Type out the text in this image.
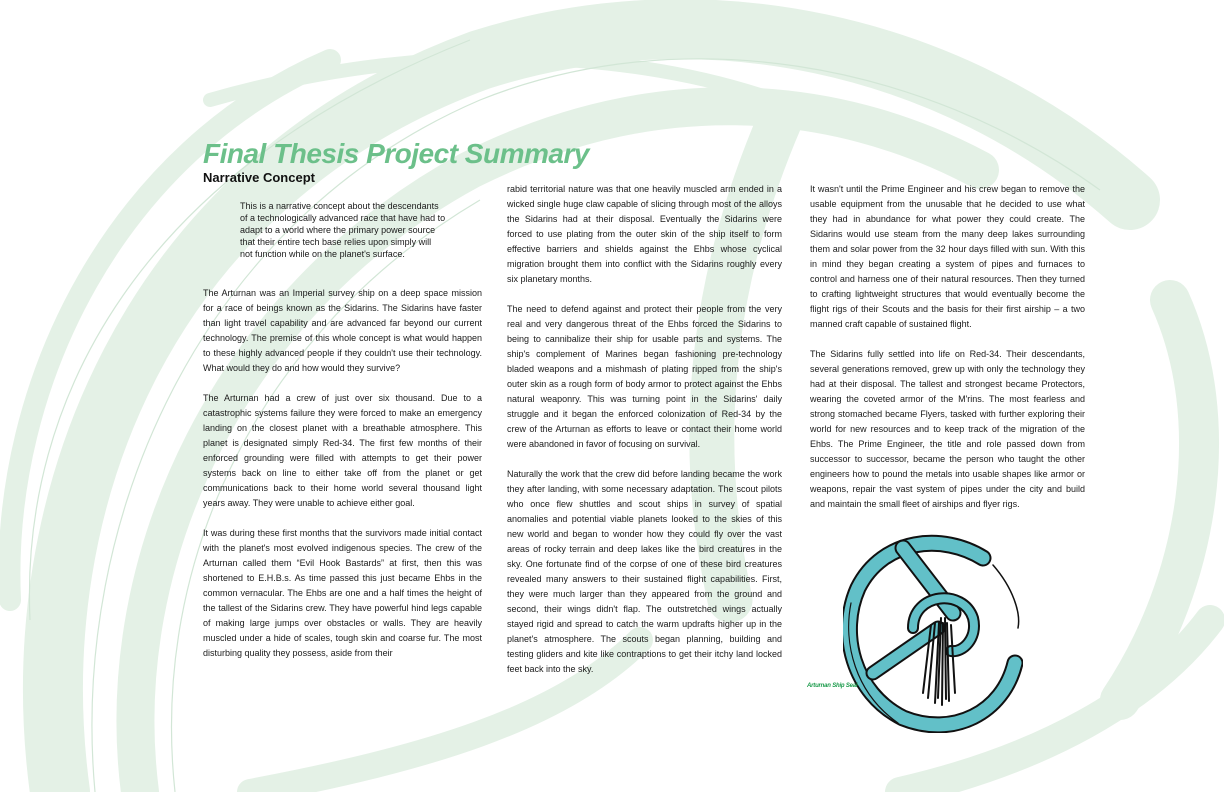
Final Thesis Project Summary
Narrative Concept
This is a narrative concept about the descendants of a technologically advanced race that have had to adapt to a world where the primary power source that their entire tech base relies upon simply will not function while on the planet's surface.

The Arturnan was an Imperial survey ship on a deep space mission for a race of beings known as the Sidarins. The Sidarins have faster than light travel capability and are advanced far beyond our current technology. The premise of this whole concept is what would happen to these highly advanced people if they couldn't use their technology. What would they do and how would they survive?

The Arturnan had a crew of just over six thousand. Due to a catastrophic systems failure they were forced to make an emergency landing on the closest planet with a breathable atmosphere. This planet is designated simply Red-34. The first few months of their enforced grounding were filled with attempts to get their power systems back on line to either take off from the planet or get communications back to their home world several thousand light years away. They were unable to achieve either goal.

It was during these first months that the survivors made initial contact with the planet's most evolved indigenous species. The crew of the Arturnan called them “Evil Hook Bastards” at first, then this was shortened to E.H.B.s. As time passed this just became Ehbs in the common vernacular. The Ehbs are one and a half times the height of the tallest of the Sidarins crew. They have powerful hind legs capable of making large jumps over obstacles or walls. They are heavily muscled under a hide of scales, tough skin and coarse fur. The most disturbing quality they possess, aside from their

rabid territorial nature was that one heavily muscled arm ended in a wicked single huge claw capable of slicing through most of the alloys the Sidarins had at their disposal. Eventually the Sidarins were forced to use plating from the outer skin of the ship itself to form effective barriers and shields against the Ehbs whose cyclical migration brought them into conflict with the Sidarins roughly every six planetary months.

The need to defend against and protect their people from the very real and very dangerous threat of the Ehbs forced the Sidarins to being to cannibalize their ship for usable parts and systems. The ship's complement of Marines began fashioning pre-technology bladed weapons and a mishmash of plating ripped from the ship's outer skin as a rough form of body armor to protect against the Ehbs natural weaponry. This was turning point in the Sidarins' daily struggle and it began the enforced colonization of Red-34 by the crew of the Arturnan as efforts to leave or contact their home world were abandoned in favor of focusing on survival.

Naturally the work that the crew did before landing became the work they after landing, with some necessary adaptation. The scout pilots who once flew shuttles and scout ships in survey of spatial anomalies and potential viable planets looked to the skies of this new world and began to wonder how they could fly over the vast areas of rocky terrain and deep lakes like the bird creatures in the sky. One fortunate find of the corpse of one of these bird creatures revealed many answers to their sustained flight capabilities. First, they were much larger than they appeared from the ground and second, their wings didn't flap. The outstretched wings actually stayed rigid and spread to catch the warm updrafts higher up in the planet's atmosphere. The scouts began planning, building and testing gliders and kite like contraptions to get their itchy land locked feet back into the sky.

It wasn't until the Prime Engineer and his crew began to remove the usable equipment from the unusable that he decided to use what they had in abundance for what power they could create. The Sidarins would use steam from the many deep lakes surrounding them and solar power from the 32 hour days filled with sun. With this in mind they began creating a system of pipes and furnaces to control and harness one of their natural resources. Then they turned to crafting lightweight structures that would eventually become the flight rigs of their Scouts and the basis for their first airship – a two manned craft capable of sustained flight.

The Sidarins fully settled into life on Red-34. Their descendants, several generations removed, grew up with only the technology they had at their disposal. The tallest and strongest became Protectors, wearing the coveted armor of the M'rins. The most fearless and strong stomached became Flyers, tasked with further exploring their world for new resources and to keep track of the migration of the Ehbs. The Prime Engineer, the title and role passed down from successor to successor, became the person who taught the other engineers how to pound the metals into usable shapes like armor or weapons, repair the vast system of pipes under the city and build and maintain the small fleet of airships and flyer rigs.

Arturnan Ship Seal
